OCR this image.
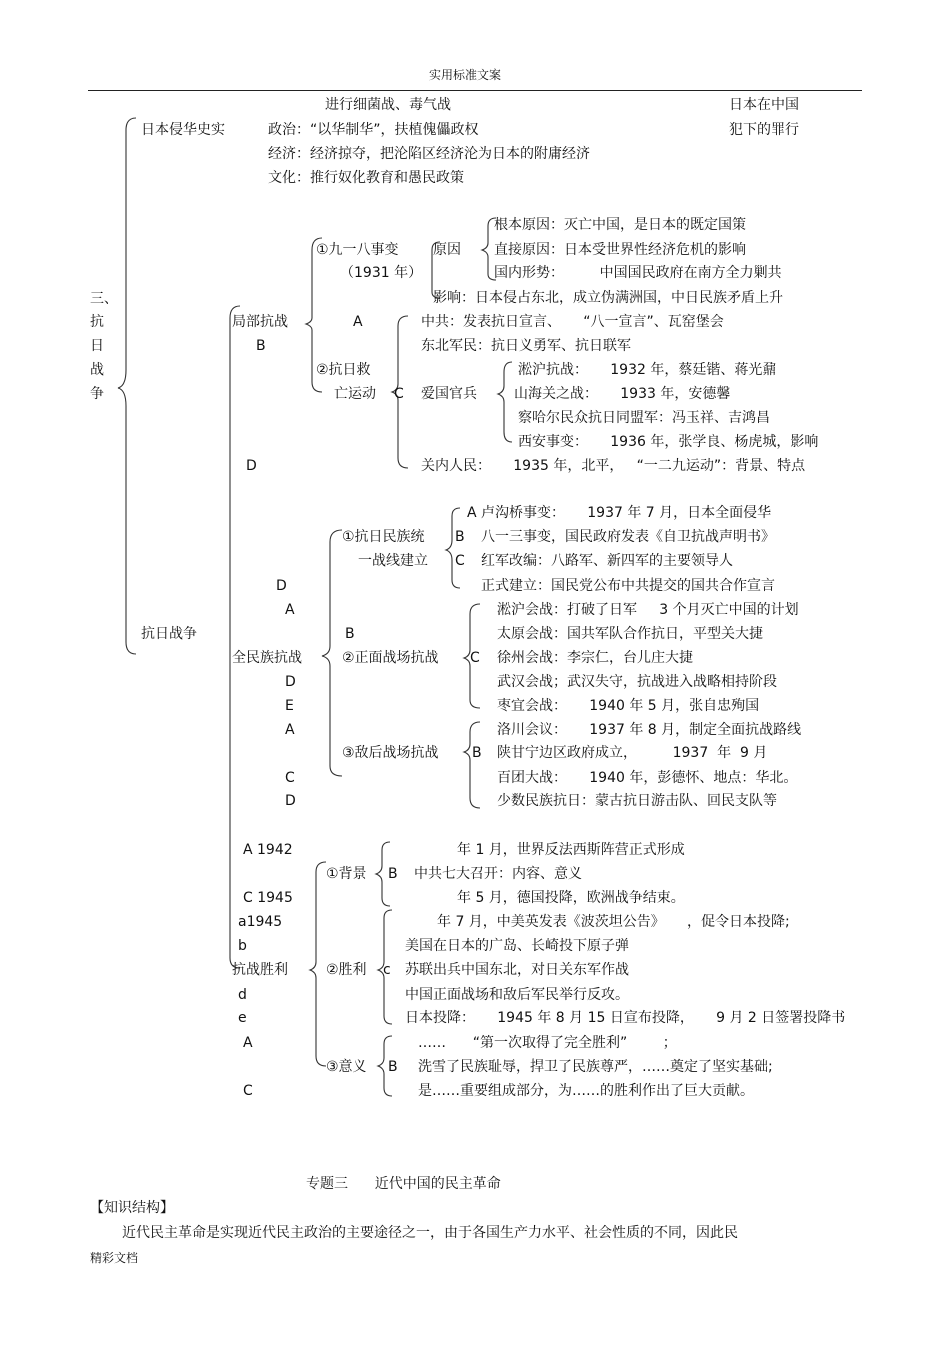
实用标准文案
进行细菌战、毒气战
日本侵华史实	政治：“以华制华”，扶植傀儡政权
经济：经济掠夺，把沦陷区经济沦为日本的附庸经济
文化：推行奴化教育和愚民政策
日本在中国
犯下的罪行
三、
抗
日
战
争
局部抗战
B
D
①九一八事变
（1931 年）
原因
根本原因：灭亡中国，是日本的既定国策
直接原因：日本受世界性经济危机的影响
国内形势：        中国国民政府在南方全力剿共
影响：日本侵占东北，成立伪满洲国，中日民族矛盾上升
A
②抗日救
亡运动 C
中共：发表抗日宣言、     “八一宣言”、瓦窑堡会
东北军民：抗日义勇军、抗日联军
爱国官兵
淞沪抗战：     1932 年，蔡廷锴、蒋光鼐
山海关之战：     1933 年，安德馨
察哈尔民众抗日同盟军：冯玉祥、吉鸿昌
西安事变：     1936 年，张学良、杨虎城，影响
关内人民：     1935 年，北平，   “一二九运动”：背景、特点
抗日战争
D
A
B
全民族抗战
D
E
A
C
D
①抗日民族统
一战线建立
A
B
C
卢沟桥事变：     1937 年 7 月，日本全面侵华
八一三事变，国民政府发表《自卫抗战声明书》
红军改编：八路军、新四军的主要领导人
正式建立：国民党公布中共提交的国共合作宣言
②正面战场抗战 C
淞沪会战：打破了日军     3 个月灭亡中国的计划
太原会战：国共军队合作抗日，平型关大捷
徐州会战：李宗仁，台儿庄大捷
武汉会战；武汉失守，抗战进入战略相持阶段
枣宜会战：     1940 年 5 月，张自忠殉国
③敌后战场抗战 B
洛川会议：     1937 年 8 月，制定全面抗战路线
陕甘宁边区政府成立，        1937  年  9 月
百团大战：     1940 年，彭德怀、地点：华北。
少数民族抗日：蒙古抗日游击队、回民支队等
A 1942
C 1945
a1945
b
抗战胜利
d
e
A
C
①背景 B
年 1 月，世界反法西斯阵营正式形成
中共七大召开：内容、意义
年 5 月，德国投降，欧洲战争结束。
②胜利 c
年 7 月，中美英发表《波茨坦公告》     ，促令日本投降;
美国在日本的广岛、长崎投下原子弹
苏联出兵中国东北，对日关东军作战
中国正面战场和敌后军民举行反攻。
日本投降：     1945 年 8 月 15 日宣布投降，     9 月 2 日签署投降书
③意义 B
……      “第一次取得了完全胜利”        ；
洗雪了民族耻辱，捍卫了民族尊严，……奠定了坚实基础;
是……重要组成部分，为……的胜利作出了巨大贡献。
专题三      近代中国的民主革命
【知识结构】
近代民主革命是实现近代民主政治的主要途径之一，由于各国生产力水平、社会性质的不同，因此民
精彩文档
